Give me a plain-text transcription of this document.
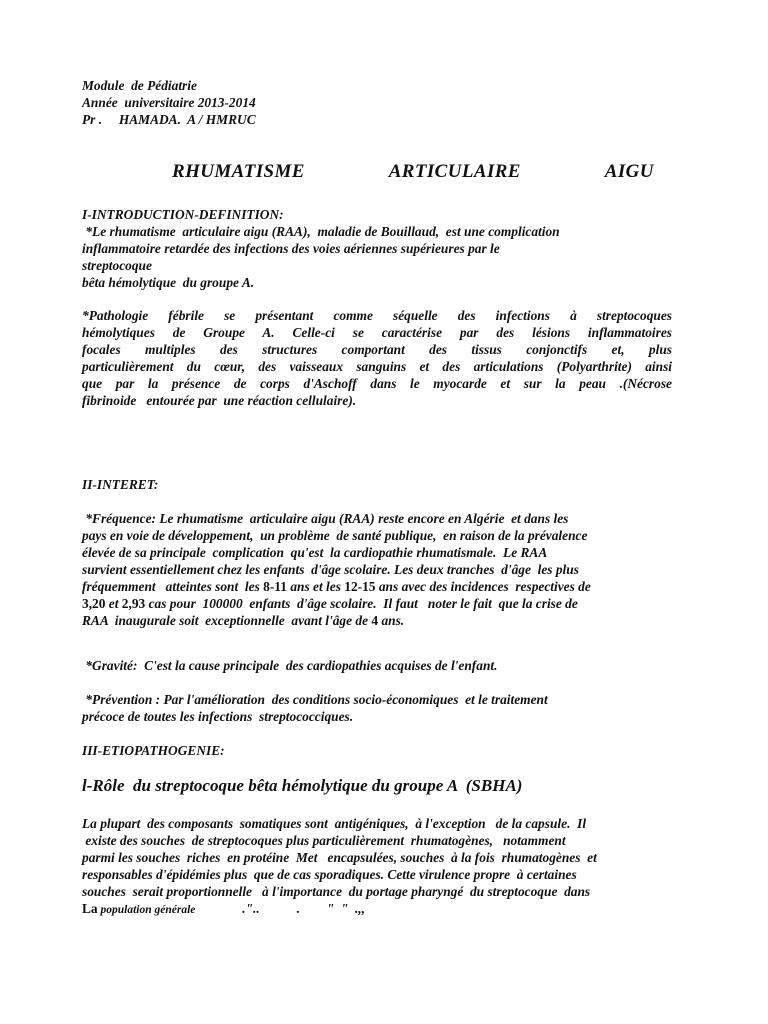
Module  de Pédiatrie
Année  universitaire 2013-2014
Pr .     HAMADA.  A / HMRUC
RHUMATISME    ARTICULAIRE    AIGU
I-INTRODUCTION-DEFINITION:
*Le rhumatisme  articulaire aigu (RAA),  maladie de Bouillaud,  est une complication
inflammatoire retardée des infections des voies aériennes supérieures par le
streptocoque
bêta hémolytique  du groupe A.
*Pathologie fébrile se présentant comme séquelle des infections à streptocoques
hémolytiques de Groupe A. Celle-ci se caractérise par des lésions inflammatoires
focales multiples des structures comportant des tissus conjonctifs et, plus
particulièrement du cœur, des vaisseaux sanguins et des articulations (Polyarthrite) ainsi
que par la présence de corps d'Aschoff dans le myocarde et sur la peau .(Nécrose
fibrinoide   entourée par  une réaction cellulaire).
II-INTERET:
*Fréquence: Le rhumatisme  articulaire aigu (RAA) reste encore en Algérie  et dans les
pays en voie de développement,  un problème  de santé publique,  en raison de la prévalence
élevée de sa principale  complication  qu'est  la cardiopathie rhumatismale.  Le RAA
survient essentiellement chez les enfants  d'âge scolaire. Les deux tranches  d'âge  les plus
fréquemment   atteintes sont  les 8-11 ans et les 12-15 ans avec des incidences  respectives de
3,20 et 2,93 cas pour  100000  enfants  d'âge scolaire.  Il faut   noter le fait  que la crise de
RAA  inaugurale soit  exceptionnelle  avant l'âge de 4 ans.
*Gravité:  C'est la cause principale  des cardiopathies acquises de l'enfant.
*Prévention : Par l'amélioration  des conditions socio-économiques  et le traitement
précoce de toutes les infections  streptococciques.
III-ETIOPATHOGENIE:
l-Rôle  du streptocoque bêta hémolytique du groupe A  (SBHA)
La plupart  des composants  somatiques sont  antigéniques,  à l'exception   de la capsule.  Il
existe des souches  de streptocoques plus particulièrement  rhumatogènes,   notamment
parmi les souches  riches  en protéine  Met   encapsulées, souches  à la fois  rhumatogènes  et
responsables d'épidémies plus  que de cas sporadiques. Cette virulence propre  à certaines
souches  serait proportionnelle   à l'importance  du portage pharyngé  du streptocoque  dans
La population générale              ."..           .        "  "  .,,
